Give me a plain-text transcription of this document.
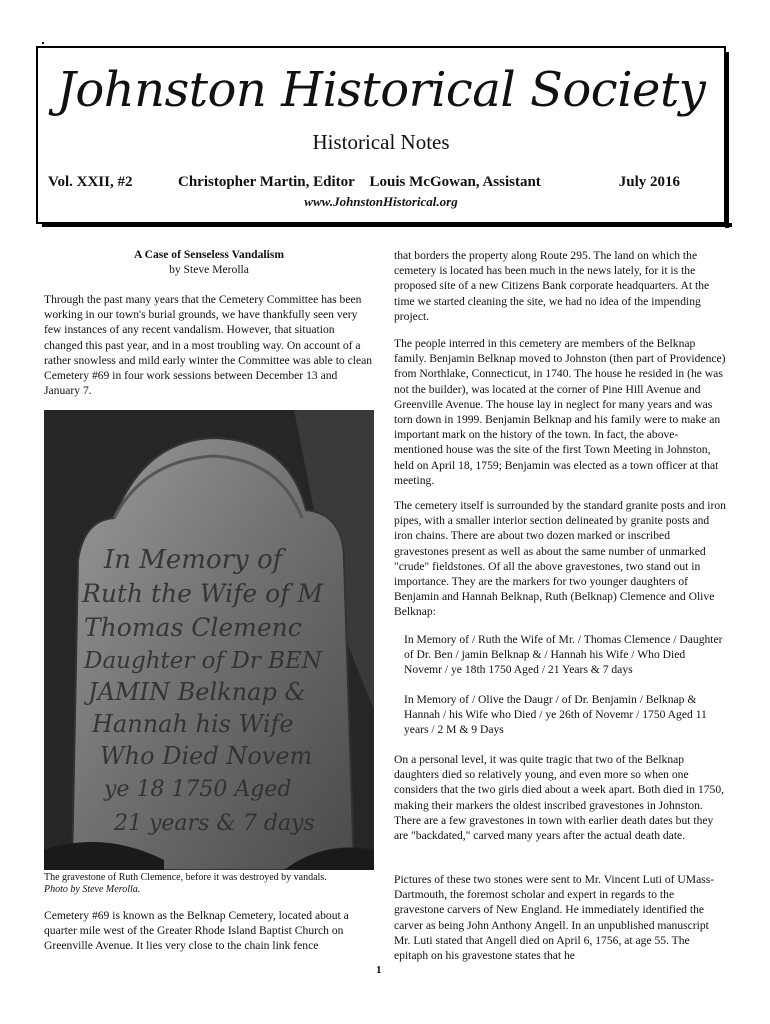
Johnston Historical Society
Historical Notes
Vol. XXII, #2	Christopher Martin, Editor    Louis McGowan, Assistant	July 2016
www.JohnstonHistorical.org
A Case of Senseless Vandalism
by Steve Merolla
Through the past many years that the Cemetery Committee has been working in our town's burial grounds, we have thankfully seen very few instances of any recent vandalism. However, that situation changed this past year, and in a most troubling way. On account of a rather snowless and mild early winter the Committee was able to clean Cemetery #69 in four work sessions between December 13 and January 7.
In Memory of
Ruth the Wife of M
Thomas Clemenc
Daughter of Dr BEN
JAMIN Belknap &
Hannah his Wife
Who Died Novem
ye 18 1750 Aged
21 years & 7 days
The gravestone of Ruth Clemence, before it was destroyed by vandals.
Photo by Steve Merolla.
Cemetery #69 is known as the Belknap Cemetery, located about a quarter mile west of the Greater Rhode Island Baptist Church on Greenville Avenue. It lies very close to the chain link fence
that borders the property along Route 295. The land on which the cemetery is located has been much in the news lately, for it is the proposed site of a new Citizens Bank corporate headquarters. At the time we started cleaning the site, we had no idea of the impending project.
The people interred in this cemetery are members of the Belknap family. Benjamin Belknap moved to Johnston (then part of Providence) from Northlake, Connecticut, in 1740. The house he resided in (he was not the builder), was located at the corner of Pine Hill Avenue and Greenville Avenue. The house lay in neglect for many years and was torn down in 1999. Benjamin Belknap and his family were to make an important mark on the history of the town. In fact, the above-mentioned house was the site of the first Town Meeting in Johnston, held on April 18, 1759; Benjamin was elected as a town officer at that meeting.
The cemetery itself is surrounded by the standard granite posts and iron pipes, with a smaller interior section delineated by granite posts and iron chains. There are about two dozen marked or inscribed gravestones present as well as about the same number of unmarked "crude" fieldstones. Of all the above gravestones, two stand out in importance. They are the markers for two younger daughters of Benjamin and Hannah Belknap, Ruth (Belknap) Clemence and Olive Belknap:
In Memory of / Ruth the Wife of Mr. / Thomas Clemence / Daughter of Dr. Ben / jamin Belknap & / Hannah his Wife / Who Died Novemr / ye 18th 1750 Aged / 21 Years & 7 days
In Memory of / Olive the Daugr / of Dr. Benjamin / Belknap & Hannah / his Wife who Died / ye 26th of Novemr / 1750 Aged 11 years / 2 M & 9 Days
On a personal level, it was quite tragic that two of the Belknap daughters died so relatively young, and even more so when one considers that the two girls died about a week apart. Both died in 1750, making their markers the oldest inscribed gravestones in Johnston. There are a few gravestones in town with earlier death dates but they are "backdated," carved many years after the actual death date.
Pictures of these two stones were sent to Mr. Vincent Luti of UMass-Dartmouth, the foremost scholar and expert in regards to the gravestone carvers of New England. He immediately identified the carver as being John Anthony Angell. In an unpublished manuscript Mr. Luti stated that Angell died on April 6, 1756, at age 55. The epitaph on his gravestone states that he
1
